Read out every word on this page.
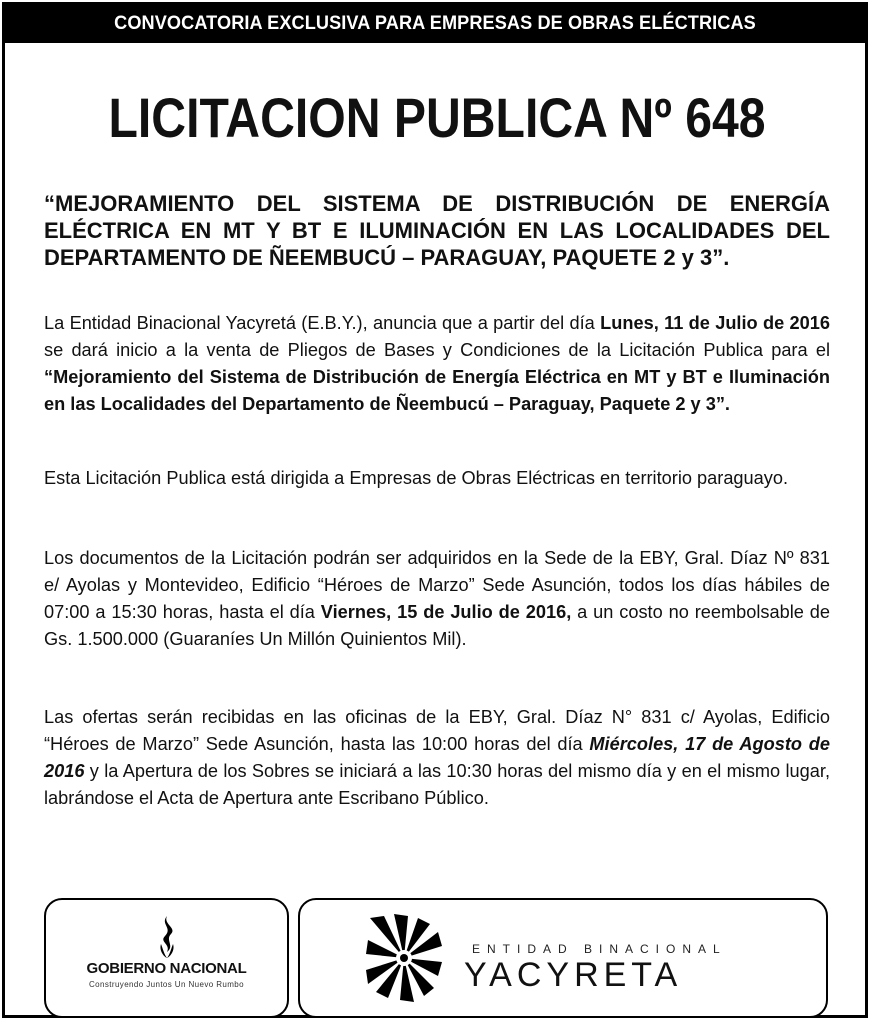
CONVOCATORIA EXCLUSIVA PARA EMPRESAS DE OBRAS ELÉCTRICAS
LICITACION PUBLICA Nº 648
“MEJORAMIENTO DEL SISTEMA DE DISTRIBUCIÓN DE ENERGÍA
ELÉCTRICA EN MT Y BT E ILUMINACIÓN EN LAS LOCALIDADES DEL
DEPARTAMENTO DE ÑEEMBUCÚ – PARAGUAY, PAQUETE 2 y 3”.
La Entidad Binacional Yacyretá (E.B.Y.), anuncia que a partir del día Lunes, 11 de Julio de 2016 se dará inicio a la venta de Pliegos de Bases y Condiciones de la Licitación Publica para el “Mejoramiento del Sistema de Distribución de Energía Eléctrica en MT y BT e Iluminación en las Localidades del Departamento de Ñeembucú – Paraguay, Paquete 2 y 3”.
Esta Licitación Publica está dirigida a Empresas de Obras Eléctricas en territorio paraguayo.
Los documentos de la Licitación podrán ser adquiridos en la Sede de la EBY, Gral. Díaz Nº 831 e/ Ayolas y Montevideo, Edificio “Héroes de Marzo” Sede Asunción, todos los días hábiles de 07:00 a 15:30 horas, hasta el día Viernes, 15 de Julio de 2016, a un costo no reembolsable de Gs. 1.500.000 (Guaraníes Un Millón Quinientos Mil).
Las ofertas serán recibidas en las oficinas de la EBY, Gral. Díaz N° 831 c/ Ayolas, Edificio “Héroes de Marzo” Sede Asunción, hasta las 10:00 horas del día Miércoles, 17 de Agosto de 2016 y la Apertura de los Sobres se iniciará a las 10:30 horas del mismo día y en el mismo lugar, labrándose el Acta de Apertura ante Escribano Público.
GOBIERNO NACIONAL
Construyendo Juntos Un Nuevo Rumbo
ENTIDAD BINACIONAL
YACYRETA
